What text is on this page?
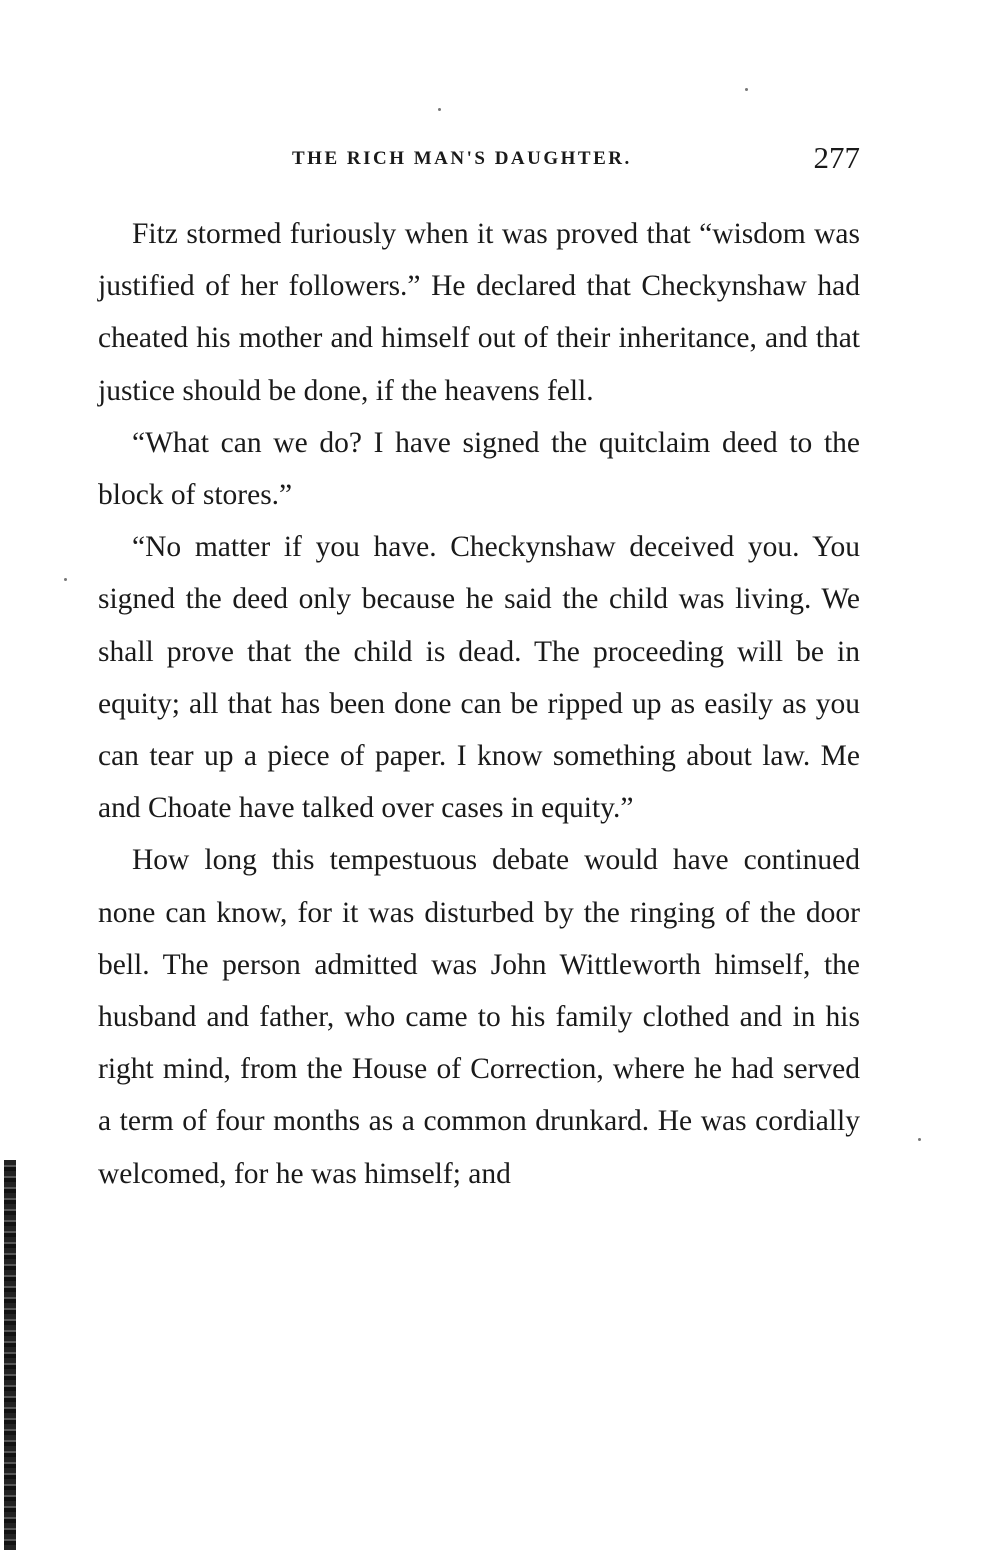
THE RICH MAN'S DAUGHTER.	277

Fitz stormed furiously when it was proved that “wisdom was justified of her followers.” He declared that Checkynshaw had cheated his mother and himself out of their inheritance, and that justice should be done, if the heavens fell.

“What can we do? I have signed the quitclaim deed to the block of stores.”

“No matter if you have. Checkynshaw deceived you. You signed the deed only because he said the child was living. We shall prove that the child is dead. The proceeding will be in equity; all that has been done can be ripped up as easily as you can tear up a piece of paper. I know something about law. Me and Choate have talked over cases in equity.”

How long this tempestuous debate would have continued none can know, for it was disturbed by the ringing of the door bell. The person admitted was John Wittleworth himself, the husband and father, who came to his family clothed and in his right mind, from the House of Correction, where he had served a term of four months as a common drunkard. He was cordially welcomed, for he was himself; and
